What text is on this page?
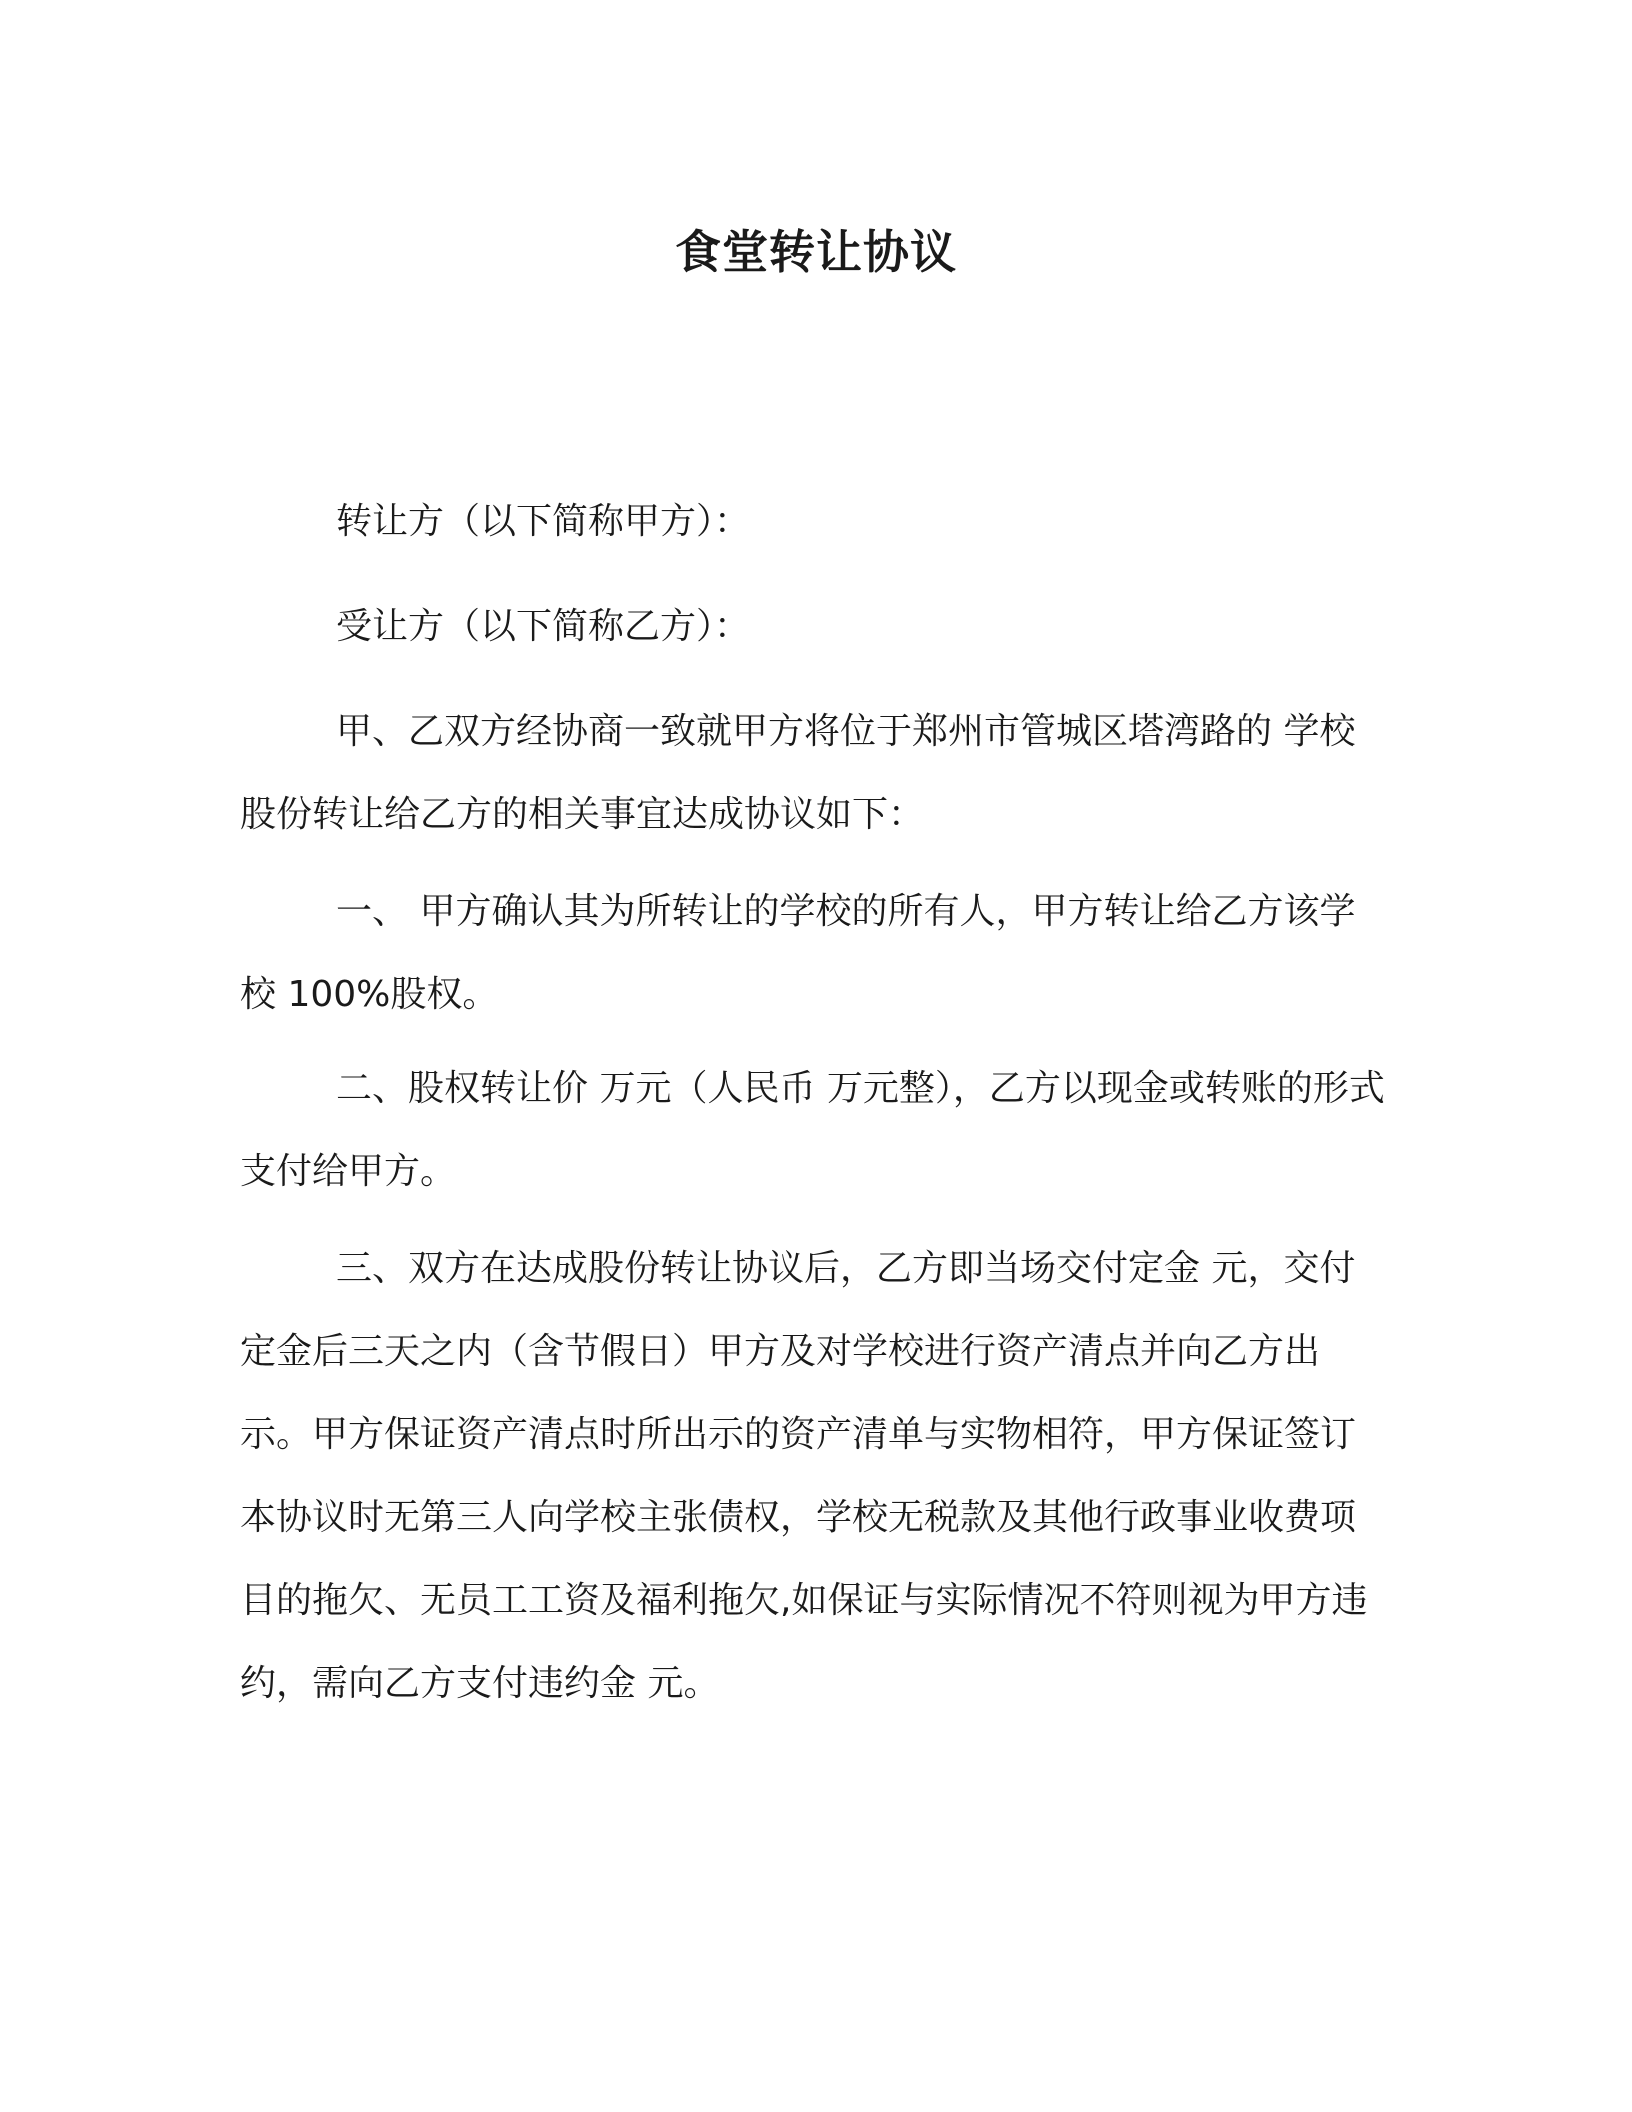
食堂转让协议

转让方（以下简称甲方）：

受让方（以下简称乙方）：

甲、乙双方经协商一致就甲方将位于郑州市管城区塔湾路的 学校股份转让给乙方的相关事宜达成协议如下：

一、 甲方确认其为所转让的学校的所有人，甲方转让给乙方该学校 100%股权。

二、股权转让价 万元（人民币 万元整），乙方以现金或转账的形式支付给甲方。

三、双方在达成股份转让协议后，乙方即当场交付定金 元，交付定金后三天之内（含节假日）甲方及对学校进行资产清点并向乙方出示。甲方保证资产清点时所出示的资产清单与实物相符，甲方保证签订本协议时无第三人向学校主张债权，学校无税款及其他行政事业收费项目的拖欠、无员工工资及福利拖欠,如保证与实际情况不符则视为甲方违约，需向乙方支付违约金 元。
